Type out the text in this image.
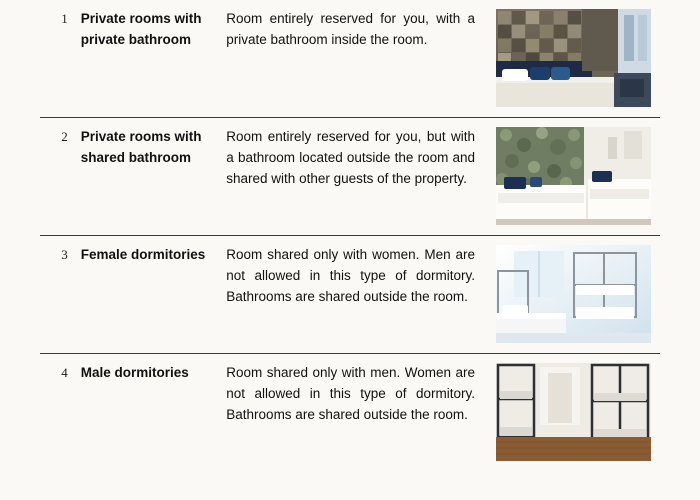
1	Private rooms with private bathroom	Room entirely reserved for you, with a private bathroom inside the room.	

2	Private rooms with shared bathroom	Room entirely reserved for you, but with a bathroom located outside the room and shared with other guests of the property.	

3	Female dormitories	Room shared only with women. Men are not allowed in this type of dormitory. Bathrooms are shared outside the room.	

4	Male dormitories	Room shared only with men. Women are not allowed in this type of dormitory. Bathrooms are shared outside the room.	
